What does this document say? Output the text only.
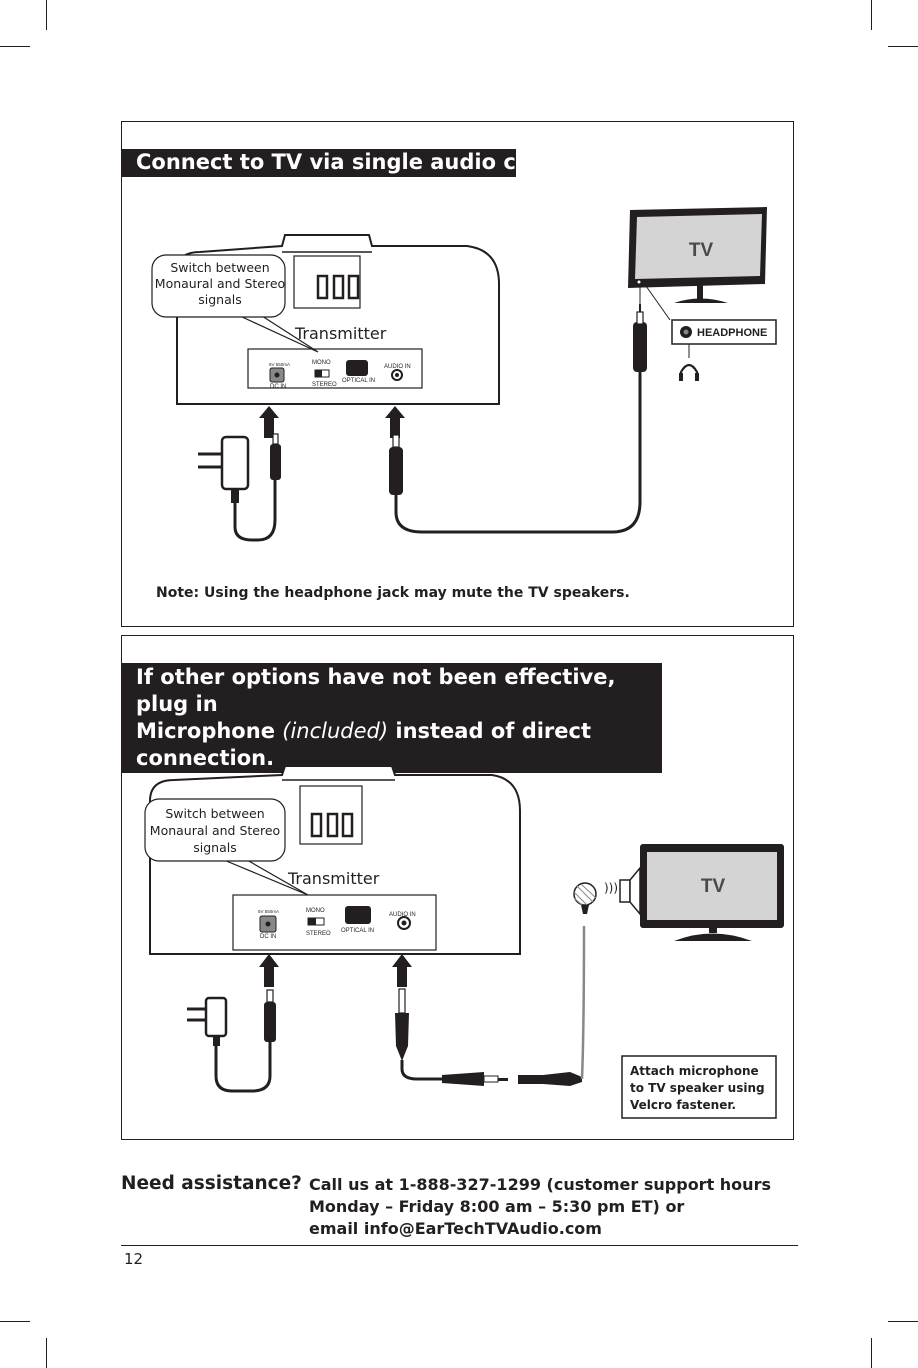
Connect to TV via single audio cable
5V 550mA
DC IN
MONO
STEREO
OPTICAL IN
AUDIO IN
Transmitter
Switch between
Monaural and Stereo
signals
TV
HEADPHONE
Note: Using the headphone jack may mute the TV speakers.
If other options have not been effective, plug in
Microphone (included) instead of direct connection.
5V 550mA
DC IN
MONO
STEREO OPTICAL IN
AUDIO IN
Transmitter
Switch between
Monaural and Stereo
signals
)))	TV
Attach microphone
to TV speaker using
Velcro fastener.
Need assistance? Call us at 1-888-327-1299 (customer support hours
Monday – Friday 8:00 am – 5:30 pm ET) or
email info@EarTechTVAudio.com
12
